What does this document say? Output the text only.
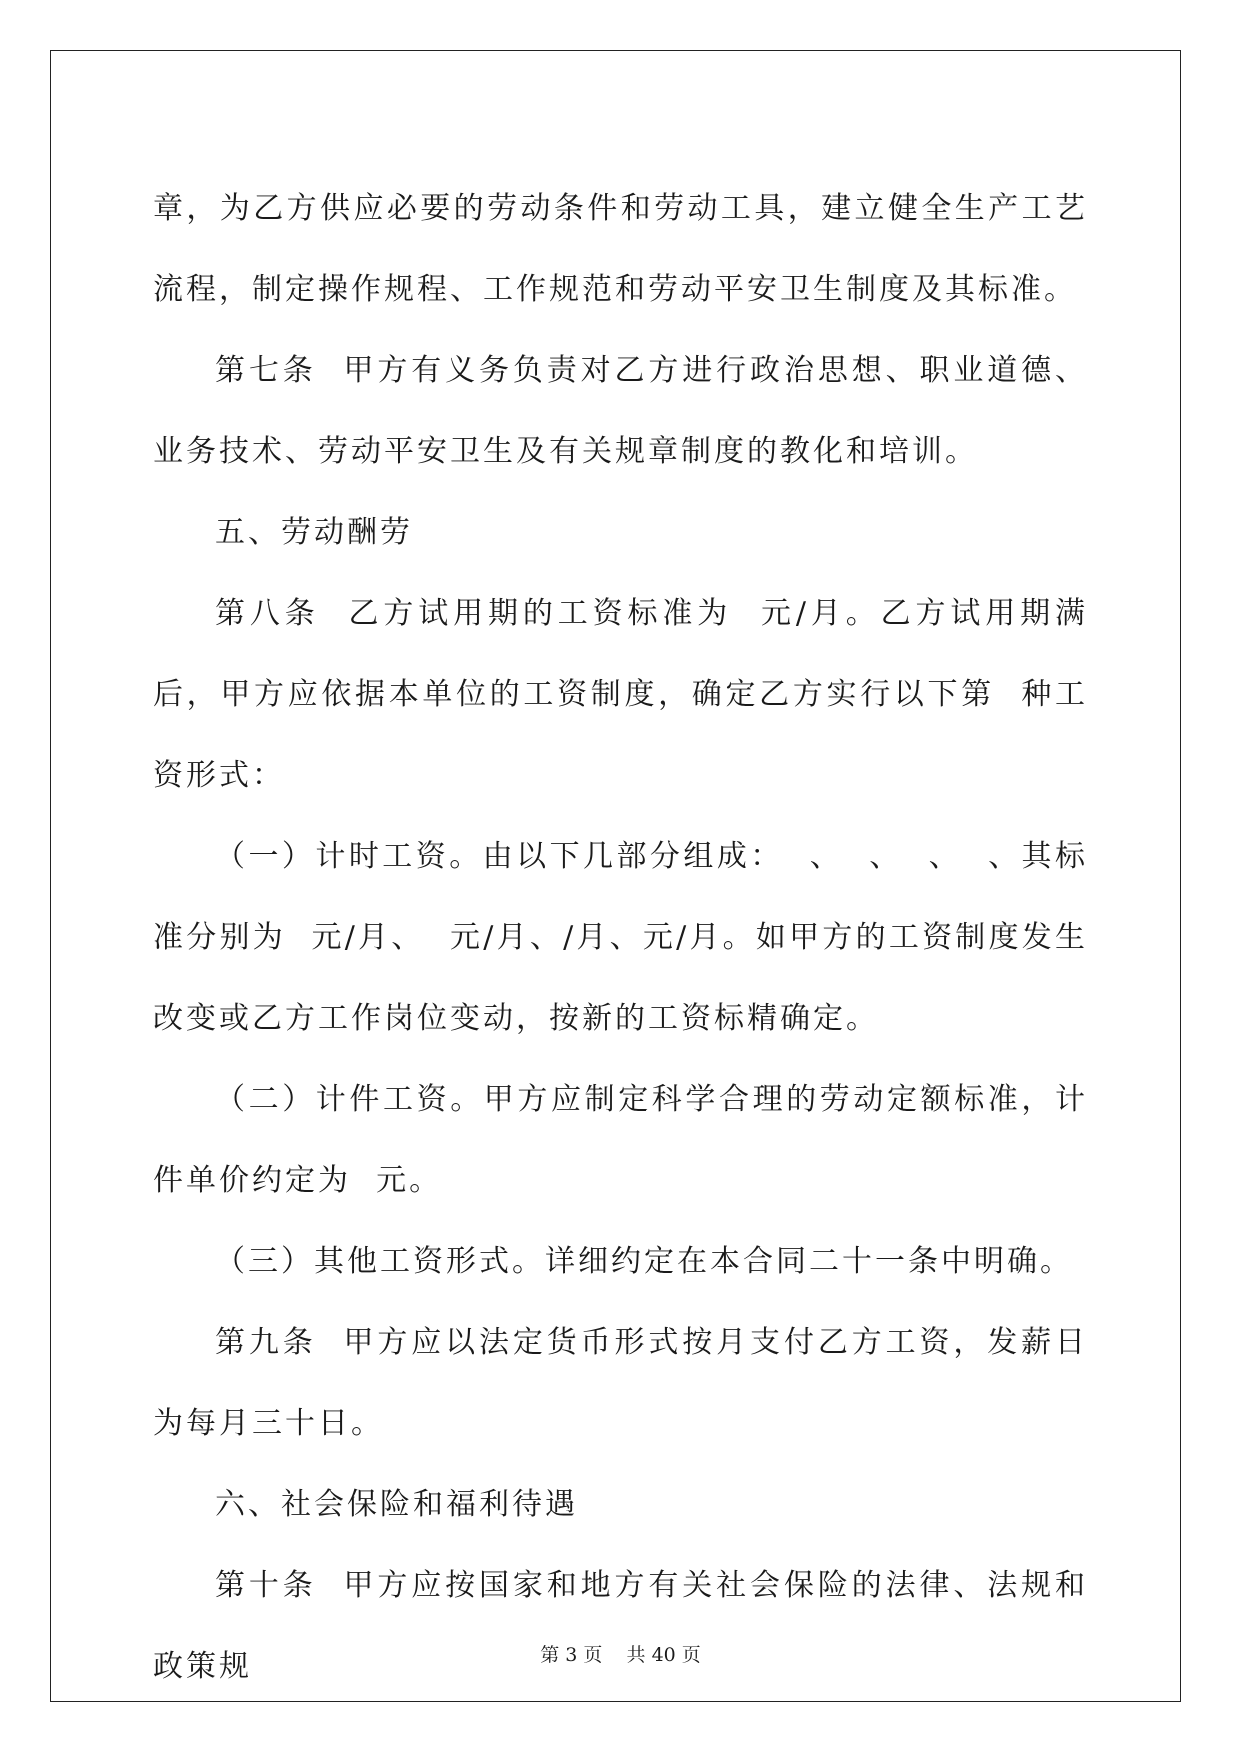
章，为乙方供应必要的劳动条件和劳动工具，建立健全生产工艺流程，制定操作规程、工作规范和劳动平安卫生制度及其标准。

第七条  甲方有义务负责对乙方进行政治思想、职业道德、业务技术、劳动平安卫生及有关规章制度的教化和培训。

五、劳动酬劳

第八条  乙方试用期的工资标准为  元/月。乙方试用期满后，甲方应依据本单位的工资制度，确定乙方实行以下第  种工资形式：

（一）计时工资。由以下几部分组成：  、  、  、  、其标准分别为  元/月、  元/月、/月、元/月。如甲方的工资制度发生改变或乙方工作岗位变动，按新的工资标精确定。

（二）计件工资。甲方应制定科学合理的劳动定额标准，计件单价约定为  元。

（三）其他工资形式。详细约定在本合同二十一条中明确。

第九条  甲方应以法定货币形式按月支付乙方工资，发薪日为每月三十日。

六、社会保险和福利待遇

第十条  甲方应按国家和地方有关社会保险的法律、法规和政策规	第 3 页    共 40 页
